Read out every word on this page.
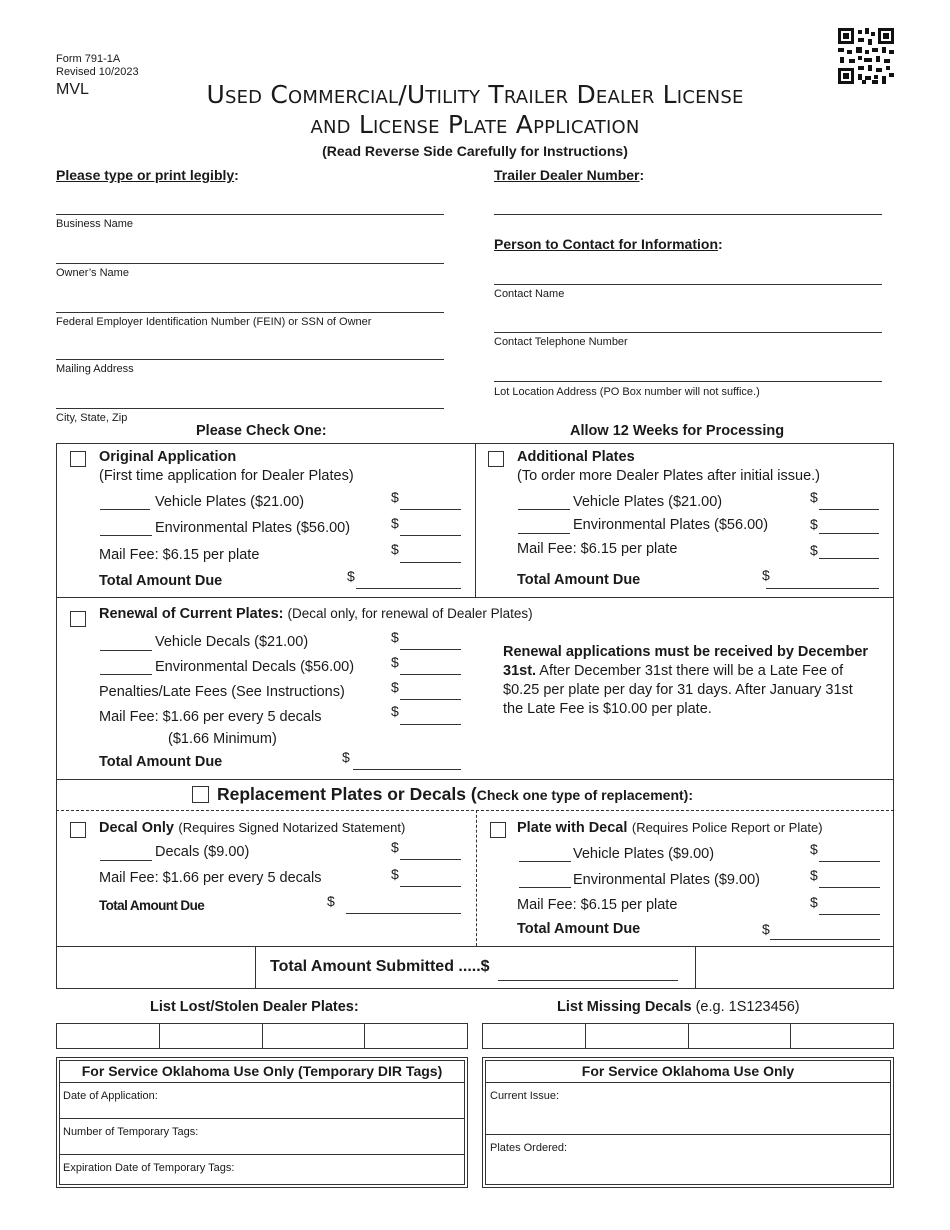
Form 791-1A
Revised 10/2023
MVL	Used Commercial/Utility Trailer Dealer License
and License Plate Application
(Read Reverse Side Carefully for Instructions)
Please type or print legibly:
Business Name
Owner’s Name
Federal Employer Identification Number (FEIN) or SSN of Owner
Mailing Address
City, State, Zip
Trailer Dealer Number:
Person to Contact for Information:
Contact Name
Contact Telephone Number
Lot Location Address (PO Box number will not suffice.)
Please Check One:	Allow 12 Weeks for Processing
Original Application
(First time application for Dealer Plates)
Vehicle Plates ($21.00)	$
Environmental Plates ($56.00)	$
Mail Fee: $6.15 per plate	$
Total Amount Due	$
Additional Plates
(To order more Dealer Plates after initial issue.)
Vehicle Plates ($21.00)	$
Environmental Plates ($56.00)	$
Mail Fee: $6.15 per plate	$
Total Amount Due	$
Renewal of Current Plates: (Decal only, for renewal of Dealer Plates)
Vehicle Decals ($21.00)	$
Environmental Decals ($56.00)	$
Penalties/Late Fees (See Instructions)	$
Mail Fee: $1.66 per every 5 decals	$
($1.66 Minimum)
Total Amount Due	$
Renewal applications must be received by December 31st. After December 31st there will be a Late Fee of $0.25 per plate per day for 31 days. After January 31st the Late Fee is $10.00 per plate.
Replacement Plates or Decals (Check one type of replacement):
Decal Only (Requires Signed Notarized Statement)
Decals ($9.00)	$
Mail Fee: $1.66 per every 5 decals	$
Total Amount Due	$
Plate with Decal (Requires Police Report or Plate)
Vehicle Plates ($9.00)	$
Environmental Plates ($9.00)	$
Mail Fee: $6.15 per plate	$
Total Amount Due	$
Total Amount Submitted .....$
List Lost/Stolen Dealer Plates:	List Missing Decals (e.g. 1S123456)
For Service Oklahoma Use Only (Temporary DIR Tags)
Date of Application:
Number of Temporary Tags:
Expiration Date of Temporary Tags:
For Service Oklahoma Use Only
Current Issue:
Plates Ordered:
